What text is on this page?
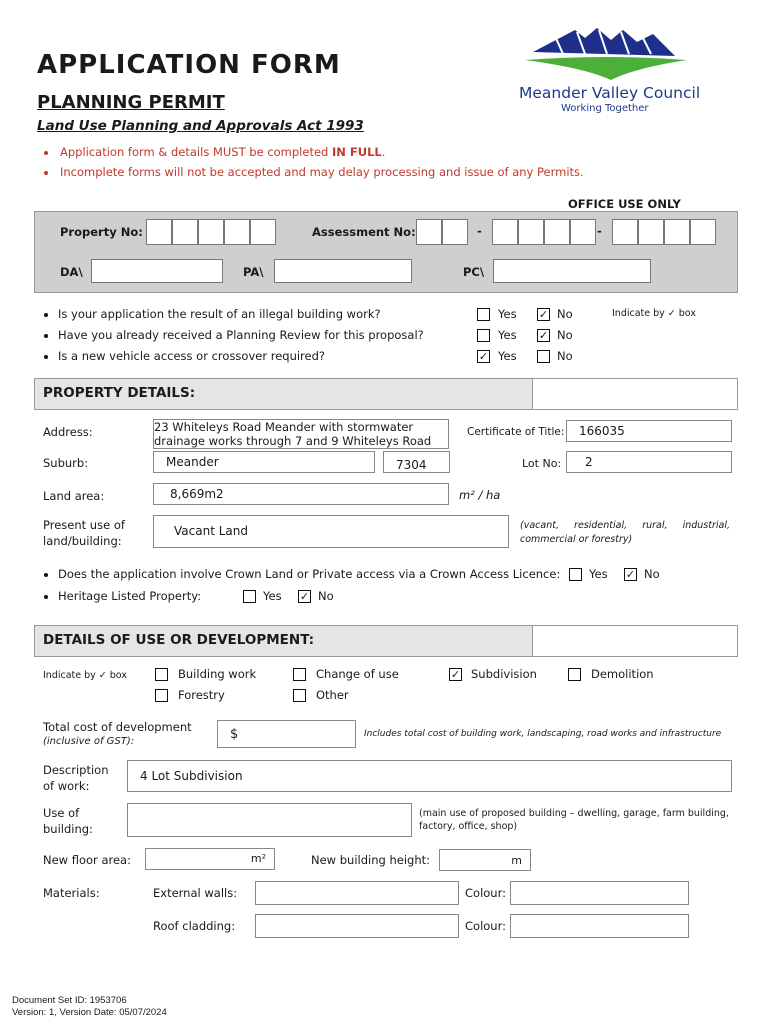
APPLICATION FORM
PLANNING PERMIT
Land Use Planning and Approvals Act 1993
Meander Valley Council
Working Together
Application form & details MUST be completed IN FULL.
Incomplete forms will not be accepted and may delay processing and issue of any Permits.
OFFICE USE ONLY
Property No:	Assessment No:	-	-
DA\	PA\	PC\
Is your application the result of an illegal building work?	Yes ✓ No	Indicate by ✓ box
Have you already received a Planning Review for this proposal?	Yes ✓ No
Is a new vehicle access or crossover required?	✓ Yes	No
PROPERTY DETAILS:
Address:	23 Whiteleys Road Meander with stormwater drainage works through 7 and 9 Whiteleys Road
Certificate of Title:	166035
Suburb:	Meander	7304	Lot No:	2
Land area:	8,669m2	m² / ha
Present use of land/building:
Vacant Land	(vacant, residential, rural, industrial, commercial or forestry)
Does the application involve Crown Land or Private access via a Crown Access Licence: Yes ✓ No
Heritage Listed Property:	Yes ✓ No
DETAILS OF USE OR DEVELOPMENT:
Indicate by ✓ box	Building work	Change of use	✓ Subdivision	Demolition
Forestry	Other
Total cost of development
(inclusive of GST):	$	Includes total cost of building work, landscaping, road works and infrastructure
Description of work:
4 Lot Subdivision
Use of building:
(main use of proposed building – dwelling, garage, farm building, factory, office, shop)
New floor area:	m²	New building height:	m
Materials:	External walls:	Colour:
Roof cladding:	Colour:
Document Set ID: 1953706
Version: 1, Version Date: 05/07/2024
